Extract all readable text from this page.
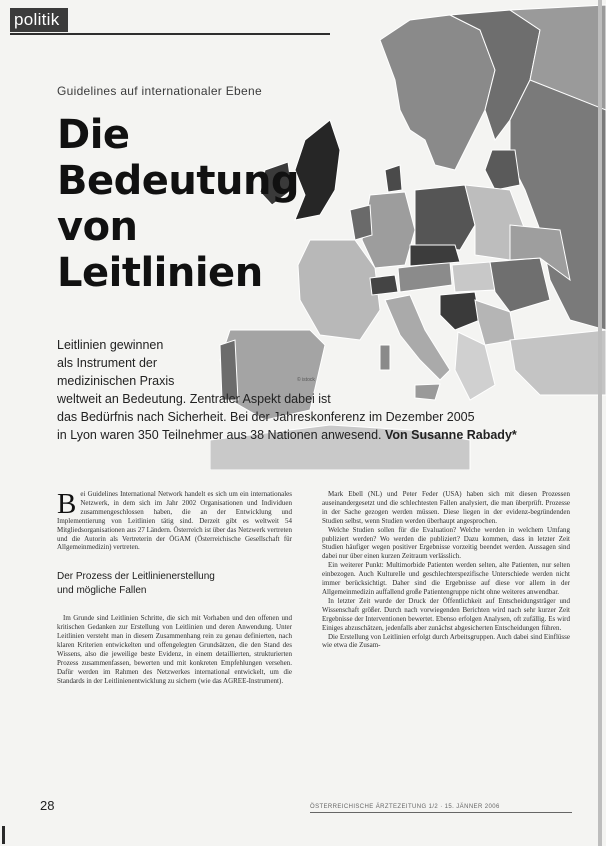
politik
Guidelines auf internationaler Ebene
Die
Bedeutung
von
Leitlinien
© istock
Leitlinien gewinnen
als Instrument der
medizinischen Praxis
weltweit an Bedeutung. Zentraler Aspekt dabei ist
das Bedürfnis nach Sicherheit. Bei der Jahreskonferenz im Dezember 2005
in Lyon waren 350 Teilnehmer aus 38 Nationen anwesend. Von Susanne Rabady*

Bei Guidelines International Network handelt es sich um ein internationales Netzwerk, in dem sich im Jahr 2002 Organisationen und Individuen zusammengeschlossen haben, die an der Entwicklung und Implementierung von Leitlinien tätig sind. Derzeit gibt es weltweit 54 Mitgliedsorganisationen aus 27 Ländern. Österreich ist über das Netzwerk vertreten und die Autorin als Vertreterin der ÖGAM (Österreichische Gesellschaft für Allgemeinmedizin) vertreten.

Der Prozess der Leitlinienerstellung
und mögliche Fallen

Im Grunde sind Leitlinien Schritte, die sich mit Vorhaben und den offenen und kritischen Gedanken zur Erstellung von Leitlinien und deren Anwendung. Unter Leitlinien versteht man in diesem Zusammenhang rein zu genau definierten, nach klaren Kriterien entwickelten und offengelegten Grundsätzen, die den Stand des Wissens, also die jeweilige beste Evidenz, in einem detaillierten, strukturierten Prozess zusammenfassen, bewerten und mit konkreten Empfehlungen versehen. Dafür werden im Rahmen des Netzwerkes international entwickelt, um die Standards in der Leitlinienentwicklung zu sichern (wie das AGREE-Instrument).

Mark Ebell (NL) und Peter Feder (USA) haben sich mit diesen Prozessen auseinandergesetzt und die schlechtesten Fallen analysiert, die man überprüft. Prozesse in der Sache gezogen werden müssen. Diese liegen in der evidenz-begründenden Studien selbst, wenn Studien werden überhaupt angesprochen.

Welche Studien sollen für die Evaluation? Welche werden in welchem Umfang publiziert werden? Wo werden die publiziert? Dazu kommen, dass in letzter Zeit Studien häufiger wegen positiver Ergebnisse vorzeitig beendet werden. Aussagen sind dabei nur über einen kurzen Zeitraum verlässlich.

Ein weiterer Punkt: Multimorbide Patienten werden selten, alte Patienten, nur selten einbezogen. Auch Kulturelle und geschlechterspezifische Unterschiede werden nicht immer berücksichtigt. Daher sind die Ergebnisse auf diese vor allem in der Allgemeinmedizin auffallend große Patientengruppe nicht ohne weiteres anwendbar.

In letzter Zeit wurde der Druck der Öffentlichkeit auf Entscheidungsträger und Wissenschaft größer. Durch nach vorwiegenden Berichten wird nach sehr kurzer Zeit Ergebnisse der Interventionen bewertet. Ebenso erfolgen Analysen, oft zufällig. Es wird Einiges abzuschätzen, jedenfalls aber zunächst abgesicherten Entscheidungen führen.

Die Erstellung von Leitlinien erfolgt durch Arbeitsgruppen. Auch dabei sind Einflüsse wie etwa die Zusam-

28	ÖSTERREICHISCHE ÄRZTEZEITUNG 1/2 · 15. JÄNNER 2006
